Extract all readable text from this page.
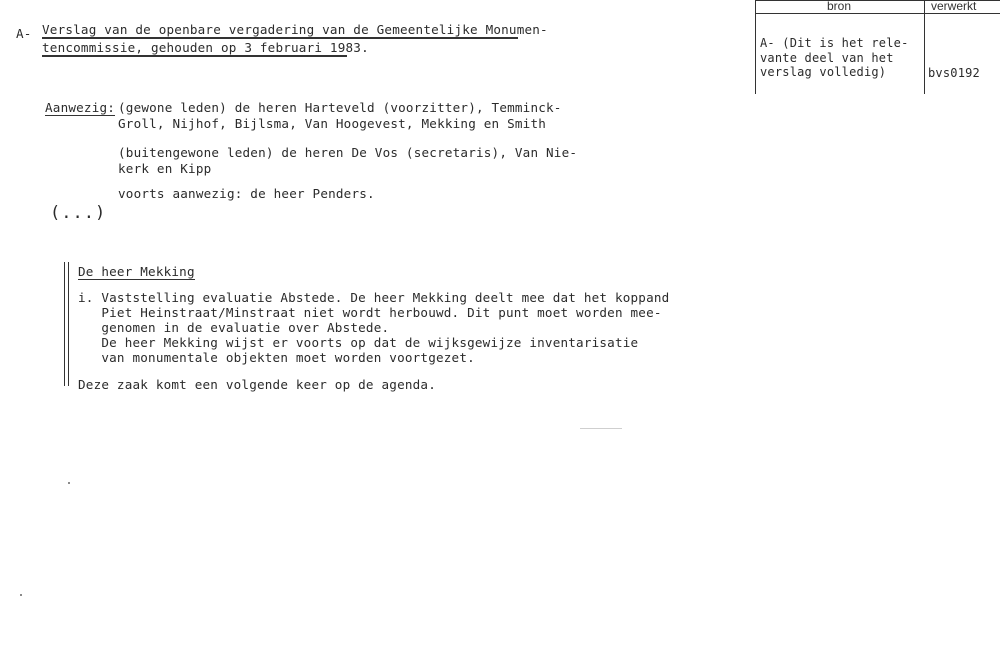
A- Verslag van de openbare vergadering van de Gemeentelijke Monumen-
tencommissie, gehouden op 3 februari 1983.
bron	verwerkt
A- (Dit is het rele-
vante deel van het
verslag volledig)	bvs0192
Aanwezig: (gewone leden) de heren Harteveld (voorzitter), Temminck-
Groll, Nijhof, Bijlsma, Van Hoogevest, Mekking en Smith
(buitengewone leden) de heren De Vos (secretaris), Van Nie-
kerk en Kipp
voorts aanwezig: de heer Penders.
(...)
De heer Mekking
i. Vaststelling evaluatie Abstede. De heer Mekking deelt mee dat het koppand
Piet Heinstraat/Minstraat niet wordt herbouwd. Dit punt moet worden mee-
genomen in de evaluatie over Abstede.
De heer Mekking wijst er voorts op dat de wijksgewijze inventarisatie
van monumentale objekten moet worden voortgezet.
Deze zaak komt een volgende keer op de agenda.
